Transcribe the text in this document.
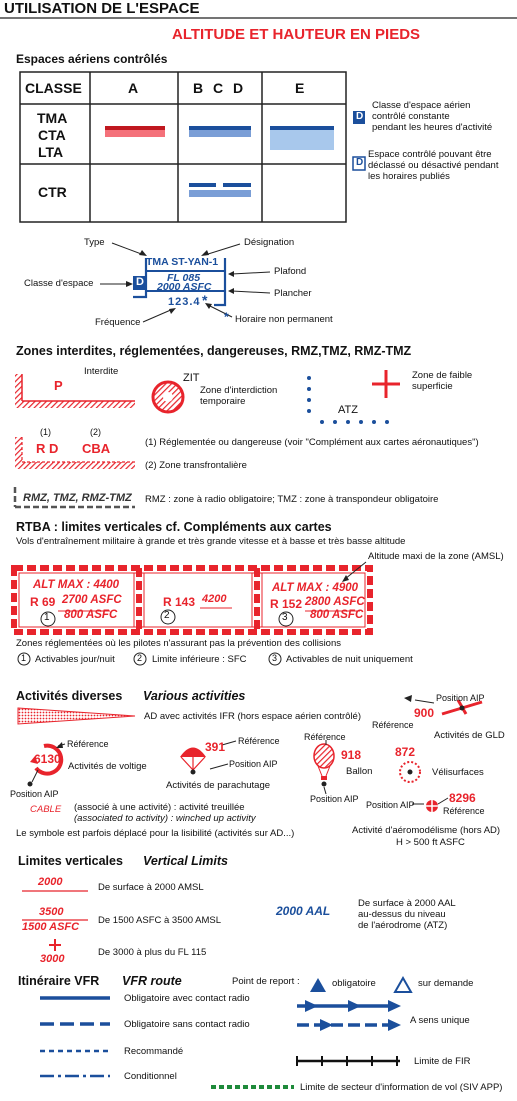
UTILISATION DE L'ESPACE
ALTITUDE ET HAUTEUR EN PIEDS
Espaces aériens contrôlés
CLASSE	A	B C D	E
TMA
CTA
LTA
CTR
D
D
Classe d'espace aérien
contrôlé constante
pendant les heures d'activité
Espace contrôlé pouvant être
déclassé ou désactivé pendant
les horaires publiés
Type	Désignation
Classe d'espace
Plafond
Plancher
Fréquence	Horaire non permanent
*
TMA ST-YAN-1
FL 085
2000 ASFC
123.4 *
D
Zones interdites, réglementées, dangereuses, RMZ,TMZ, RMZ-TMZ
Interdite
P	ZIT
Zone d'interdiction
temporaire
ATZ
Zone de faible
superficie
(1)	(2)
R D CBA	(1) Réglementée ou dangereuse (voir "Complément aux cartes aéronautiques")
(2) Zone transfrontalière
RMZ, TMZ, RMZ-TMZ RMZ : zone à radio obligatoire; TMZ : zone à transpondeur obligatoire
RTBA : limites verticales cf. Compléments aux cartes
Vols d'entraînement militaire à grande et très grande vitesse et à basse et très basse altitude
Altitude maxi de la zone (AMSL)
ALT MAX : 4400
R 69 2700 ASFC
800 ASFC
1
R 143 4200
2
ALT MAX : 4900
R 152 2800 ASFC
800 ASFC
3
Zones réglementées où les pilotes n'assurant pas la prévention des collisions
1 Activables jour/nuit 2 Limite inférieure : SFC	3 Activables de nuit uniquement
Activités diverses Various activities
AD avec activités IFR (hors espace aérien contrôlé)
Référence
6130
Activités de voltige
Position AIP
Référence
391
Position AIP
Activités de parachutage
Référence
918
Ballon
Position AIP
Position AIP
900
Référence
Activités de GLD
872
Vélisurfaces
Position AIP	8296
Référence
Activité d'aéromodélisme (hors AD)
H > 500 ft ASFC
CABLE (associé à une activité) : activité treuillée
(associated to activity) : winched up activity
Le symbole est parfois déplacé pour la lisibilité (activités sur AD...)
Limites verticales Vertical Limits
2000	De surface à 2000 AMSL
3500
1500 ASFC
De 1500 ASFC à 3500 AMSL
3000
De 3000 à plus du FL 115
2000 AAL
De surface à 2000 AAL
au-dessus du niveau
de l'aérodrome (ATZ)
Itinéraire VFR VFR route	Point de report :	obligatoire	sur demande
Obligatoire avec contact radio
Obligatoire sans contact radio
Recommandé
Conditionnel
A sens unique
Limite de FIR
Limite de secteur d'information de vol (SIV APP)
